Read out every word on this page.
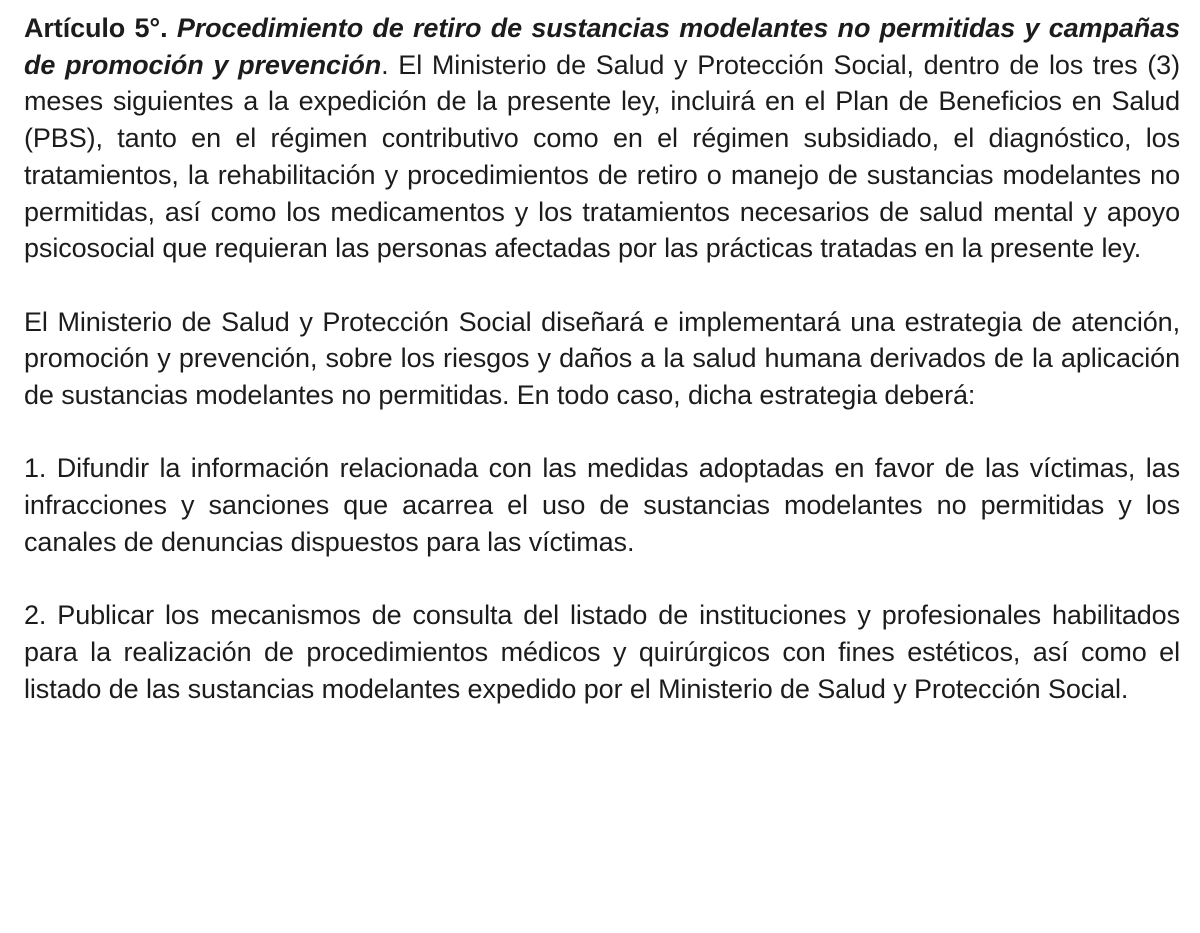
Artículo 5°. Procedimiento de retiro de sustancias modelantes no permitidas y campañas de promoción y prevención. El Ministerio de Salud y Protección Social, dentro de los tres (3) meses siguientes a la expedición de la presente ley, incluirá en el Plan de Beneficios en Salud (PBS), tanto en el régimen contributivo como en el régimen subsidiado, el diagnóstico, los tratamientos, la rehabilitación y procedimientos de retiro o manejo de sustancias modelantes no permitidas, así como los medicamentos y los tratamientos necesarios de salud mental y apoyo psicosocial que requieran las personas afectadas por las prácticas tratadas en la presente ley.

El Ministerio de Salud y Protección Social diseñará e implementará una estrategia de atención, promoción y prevención, sobre los riesgos y daños a la salud humana derivados de la aplicación de sustancias modelantes no permitidas. En todo caso, dicha estrategia deberá:

1. Difundir la información relacionada con las medidas adoptadas en favor de las víctimas, las infracciones y sanciones que acarrea el uso de sustancias modelantes no permitidas y los canales de denuncias dispuestos para las víctimas.

2. Publicar los mecanismos de consulta del listado de instituciones y profesionales habilitados para la realización de procedimientos médicos y quirúrgicos con fines estéticos, así como el listado de las sustancias modelantes expedido por el Ministerio de Salud y Protección Social.
